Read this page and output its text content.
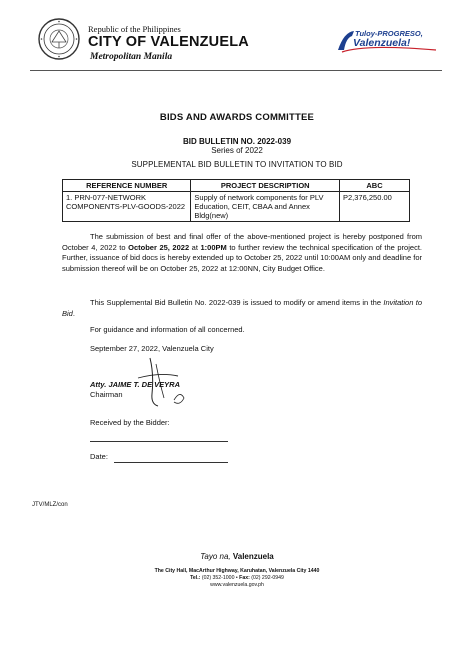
Republic of the Philippines
CITY OF VALENZUELA
Metropolitan Manila
Tuloy-PROGRESO,
Valenzuela!
BIDS AND AWARDS COMMITTEE
BID BULLETIN NO. 2022-039
Series of 2022
SUPPLEMENTAL BID BULLETIN TO INVITATION TO BID
REFERENCE NUMBER	PROJECT DESCRIPTION	ABC
1. PRN-077-NETWORK COMPONENTS-PLV-GOODS-2022	Supply of network components for PLV Education, CEIT, CBAA and Annex Bldg(new)	P2,376,250.00
The submission of best and final offer of the above-mentioned project is hereby postponed from October 4, 2022 to October 25, 2022 at 1:00PM to further review the technical specification of the project. Further, issuance of bid docs is hereby extended up to October 25, 2022 until 10:00AM only and deadline for submission thereof will be on October 25, 2022 at 12:00NN, City Budget Office.
This Supplemental Bid Bulletin No. 2022-039 is issued to modify or amend items in the Invitation to Bid.
For guidance and information of all concerned.
September 27, 2022, Valenzuela City
Atty. JAIME T. DE VEYRA
Chairman
Received by the Bidder:
Date:
JTV/MLZ/con
Tayo na, Valenzuela
The City Hall, MacArthur Highway, Karuhatan, Valenzuela City 1440
Tel.: (02) 352-1000 • Fax: (02) 292-0949
www.valenzuela.gov.ph
